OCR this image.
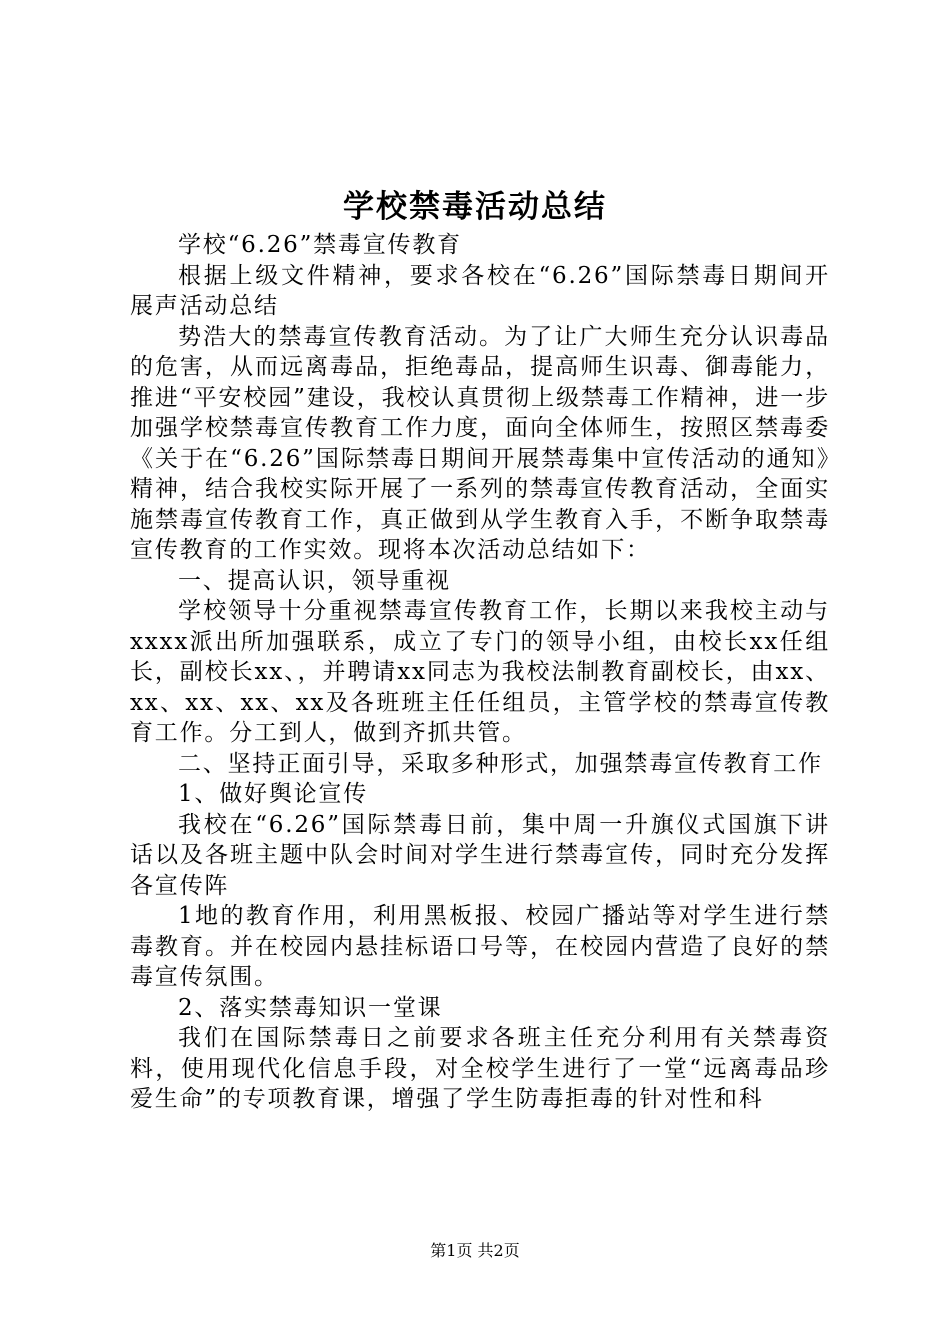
学校禁毒活动总结

学校“6.26”禁毒宣传教育

根据上级文件精神，要求各校在“6.26”国际禁毒日期间开展声活动总结

势浩大的禁毒宣传教育活动。为了让广大师生充分认识毒品的危害，从而远离毒品，拒绝毒品，提高师生识毒、御毒能力，推进“平安校园”建设，我校认真贯彻上级禁毒工作精神，进一步加强学校禁毒宣传教育工作力度，面向全体师生，按照区禁毒委《关于在“6.26”国际禁毒日期间开展禁毒集中宣传活动的通知》精神，结合我校实际开展了一系列的禁毒宣传教育活动，全面实施禁毒宣传教育工作，真正做到从学生教育入手，不断争取禁毒宣传教育的工作实效。现将本次活动总结如下：

一、提高认识，领导重视

学校领导十分重视禁毒宣传教育工作，长期以来我校主动与xxxx派出所加强联系，成立了专门的领导小组，由校长xx任组长，副校长xx、，并聘请xx同志为我校法制教育副校长，由xx、xx、xx、xx、xx及各班班主任任组员，主管学校的禁毒宣传教育工作。分工到人，做到齐抓共管。

二、坚持正面引导，采取多种形式，加强禁毒宣传教育工作

1、做好舆论宣传

我校在“6.26”国际禁毒日前，集中周一升旗仪式国旗下讲话以及各班主题中队会时间对学生进行禁毒宣传，同时充分发挥各宣传阵

1地的教育作用，利用黑板报、校园广播站等对学生进行禁毒教育。并在校园内悬挂标语口号等，在校园内营造了良好的禁毒宣传氛围。

2、落实禁毒知识一堂课

我们在国际禁毒日之前要求各班主任充分利用有关禁毒资料，使用现代化信息手段，对全校学生进行了一堂“远离毒品珍爱生命”的专项教育课，增强了学生防毒拒毒的针对性和科

第1页 共2页
